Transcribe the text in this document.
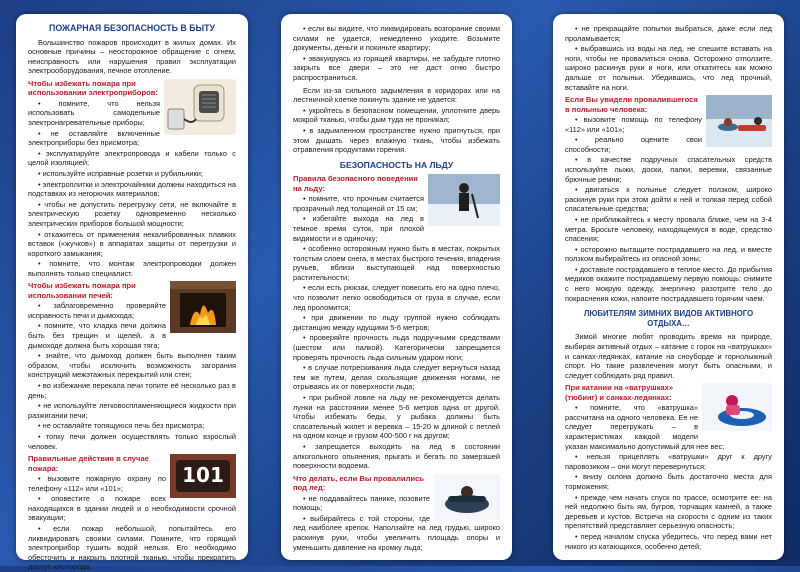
ПОЖАРНАЯ БЕЗОПАСНОСТЬ В БЫТУ

Большинство пожаров происходит в жилых домах. Их основные причины – неосторожное обращение с огнем, неисправность или нарушения правил эксплуатации электрооборудования, печное отопление.

Чтобы избежать пожара при использовании электроприборов:

• помните, что нельзя использовать самодельные электронагревательные приборы;

• не оставляйте включенные электроприборы без присмотра;

• эксплуатируйте электропровода и кабели только с целой изоляцией;

• используйте исправные розетки и рубильники;

• электроплитки и электрочайники должны находиться на подставках из негорючих материалов;

• чтобы не допустить перегрузку сети, не включайте в электрическую розетку одновременно несколько электрических приборов большой мощности;

• откажитесь от применения некалиброванных плавких вставок («жучков») в аппаратах защиты от перегрузки и короткого замыкания;

• помните, что монтаж электропроводки должен выполнять только специалист.

Чтобы избежать пожара при использовании печей:

• заблаговременно проверяйте исправность печи и дымохода;

• помните, что кладка печи должна быть без трещин и щелей, а в дымоходе должна быть хорошая тяга;

• знайте, что дымоход должен быть выполнен таким образом, чтобы исключить возможность загорания конструкций межэтажных перекрытий или стен;

• во избежание перекала печи топите её несколько раз в день;

• не используйте легковоспламеняющиеся жидкости при разжигании печи;

• не оставляйте топящуюся печь без присмотра;

• топку печи должен осуществлять только взрослый человек.

101
Правильные действия в случае пожара:

• вызовите пожарную охрану по телефону «112» или «101»;

• оповестите о пожаре всех находящихся в здании людей и о необходимости срочной эвакуации;

• если пожар небольшой, попытайтесь его ликвидировать своими силами. Помните, что горящий электроприбор тушить водой нельзя. Его необходимо обесточить и накрыть плотной тканью, чтобы прекратить доступ кислорода;

• если вы видите, что ликвидировать возгорание своими силами не удается, немедленно уходите. Возьмите документы, деньги и покиньте квартиру;

• эвакуируясь из горящей квартиры, не забудьте плотно закрыть все двери – это не даст огню быстро распространиться.

Если из-за сильного задымления в коридорах или на лестничной клетке покинуть здание не удается:

• укройтесь в безопасном помещении, уплотните дверь мокрой тканью, чтобы дым туда не проникал;

• в задымленном пространстве нужно пригнуться, при этом дышать через влажную ткань, чтобы избежать отравления продуктами горения.

БЕЗОПАСНОСТЬ НА ЛЬДУ
Правила безопасного поведения на льду:

• помните, что прочным считается прозрачный лед толщиной от 15 см;

• избегайте выхода на лед в темное время суток, при плохой видимости и в одиночку;

• особенно осторожным нужно быть в местах, покрытых толстым слоем снега, в местах быстрого течения, впадения ручьев, вблизи выступающей над поверхностью растительности;

• если есть рюкзак, следует повесить его на одно плечо, что позволит легко освободиться от груза в случае, если лед проломится;

• при движении по льду группой нужно соблюдать дистанцию между идущими 5-6 метров;

• проверяйте прочность льда подручными средствами (шестом или палкой). Категорически запрещается проверять прочность льда сильным ударом ноги;

• в случае потрескивания льда следует вернуться назад тем же путем, делая скользящие движения ногами, не отрываясь их от поверхности льда;

• при рыбной ловле на льду не рекомендуется делать лунки на расстоянии менее 5-6 метров одна от другой. Чтобы избежать беды, у рыбака должны быть спасательный жилет и веревка – 15-20 м длиной с петлей на одном конце и грузом 400-500 г на другом;

• запрещается выходить на лед в состоянии алкогольного опьянения, прыгать и бегать по замерзшей поверхности водоема.

Что делать, если Вы провалились под лед:

• не поддавайтесь панике, позовите помощь;

• выбирайтесь с той стороны, где лед наиболее крепок. Наползайте на лед грудью, широко раскинув руки, чтобы увеличить площадь опоры и уменьшить давление на кромку льда;

• не прекращайте попытки выбраться, даже если лед проламывается;

• выбравшись из воды на лед, не спешите вставать на ноги, чтобы не провалиться снова. Осторожно отползите, широко раскинув руки и ноги, или откатитесь как можно дальше от полыньи. Убедившись, что лед прочный, вставайте на ноги.

Если Вы увидели провалившегося в полынью человека:

• вызовите помощь по телефону «112» или «101»;

• реально оцените свои способности;

• в качестве подручных спасательных средств используйте лыжи, доски, палки, веревки, связанные брючные ремни;

• двигаться к полынье следует ползком, широко раскинув руки при этом дойти к ней и толкая перед собой спасательные средства;

• не приближайтесь к месту провала ближе, чем на 3-4 метра. Бросьте человеку, находящемуся в воде, средство спасения;

• осторожно вытащите пострадавшего на лед, и вместе ползком выбирайтесь из опасной зоны;

• доставьте пострадавшего в теплое место. До прибытия медиков окажите пострадавшему первую помощь: снимите с него мокрую одежду, энергично разотрите тело до покраснения кожи, напоите пострадавшего горячим чаем.

ЛЮБИТЕЛЯМ ЗИМНИХ ВИДОВ АКТИВНОГО ОТДЫХА…

Зимой многие любят проводить время на природе, выбирая активный отдых – катание с горок на «ватрушках» и санках-ледянках, катание на сноуборде и горнолыжный спорт. Но такие развлечения могут быть опасными, и следует соблюдать ряд правил.

При катании на «ватрушках» (тюбинг) и санках-ледянках:

• помните, что «ватрушка» рассчитана на одного человека. Ее не следует перегружать – в характеристиках каждой модели указан максимально допустимый для нее вес;

• нельзя прицеплять «ватрушки» друг к другу паровозиком – они могут перевернуться;

• внизу склона должно быть достаточно места для торможения;

• прежде чем начать спуск по трассе, осмотрите ее: на ней недолжно быть ям, бугров, торчащих камней, а также деревьев и кустов. Встреча на скорости с одним из таких препятствий представляет серьезную опасность;

• перед началом спуска убедитесь, что перед вами нет никого из катающихся, особенно детей;
